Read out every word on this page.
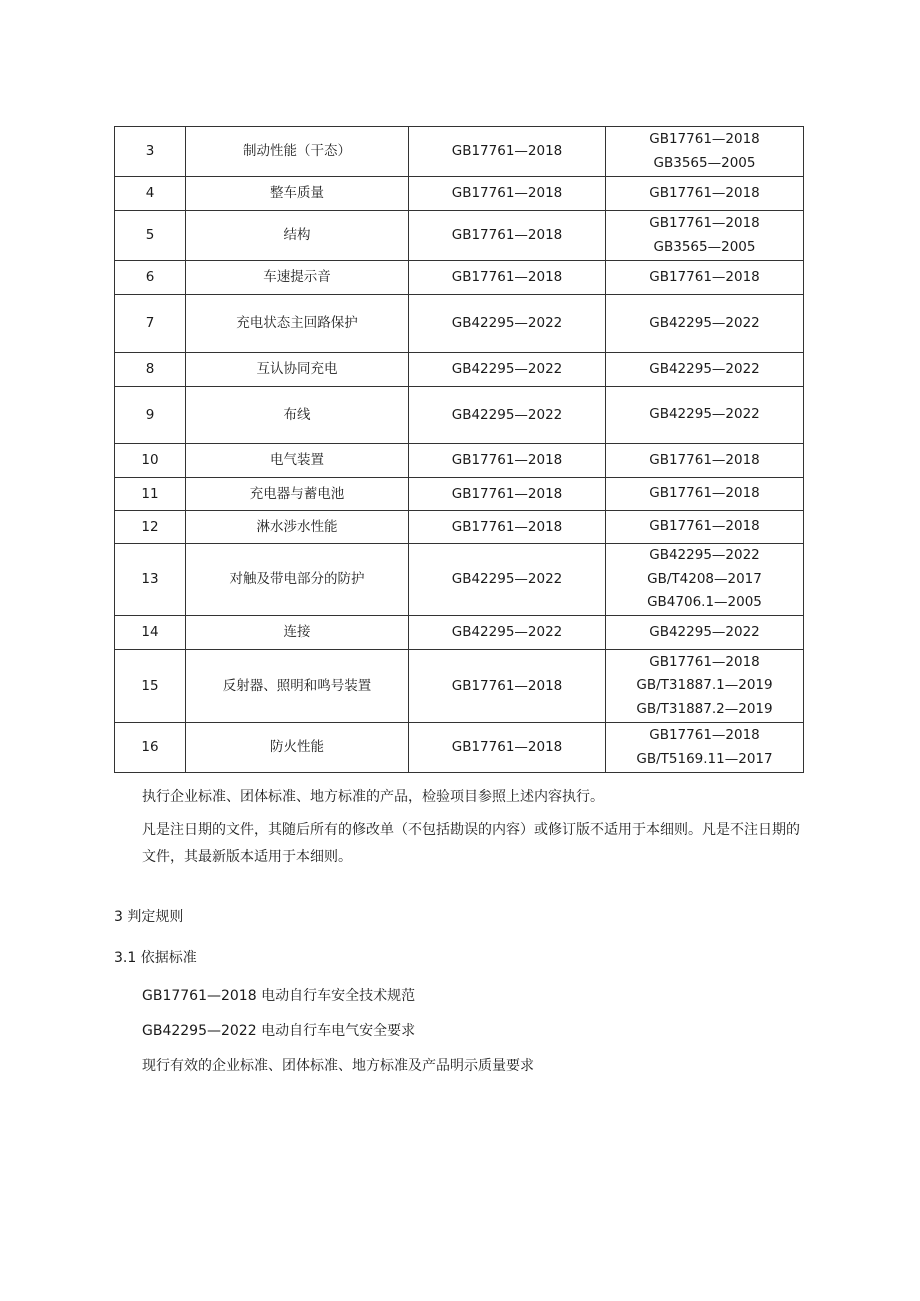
3	制动性能（干态）	GB17761—2018	GB17761—2018
GB3565—2005

4	整车质量	GB17761—2018	GB17761—2018

5	结构	GB17761—2018	GB17761—2018
GB3565—2005

6	车速提示音	GB17761—2018	GB17761—2018

7	充电状态主回路保护	GB42295—2022	GB42295—2022

8	互认协同充电	GB42295—2022	GB42295—2022

9	布线	GB42295—2022	GB42295—2022

10	电气装置	GB17761—2018	GB17761—2018

11	充电器与蓄电池	GB17761—2018	GB17761—2018

12	淋水涉水性能	GB17761—2018	GB17761—2018

13	对触及带电部分的防护	GB42295—2022	GB42295—2022
GB/T4208—2017
GB4706.1—2005

14	连接	GB42295—2022	GB42295—2022

15	反射器、照明和鸣号装置	GB17761—2018	GB17761—2018
GB/T31887.1—2019
GB/T31887.2—2019

16	防火性能	GB17761—2018	GB17761—2018
GB/T5169.11—2017

执行企业标准、团体标准、地方标准的产品，检验项目参照上述内容执行。

凡是注日期的文件，其随后所有的修改单（不包括勘误的内容）或修订版不适用于本细则。凡是不注日期的文件，其最新版本适用于本细则。

3 判定规则

3.1 依据标准

GB17761—2018 电动自行车安全技术规范

GB42295—2022 电动自行车电气安全要求

现行有效的企业标准、团体标准、地方标准及产品明示质量要求
